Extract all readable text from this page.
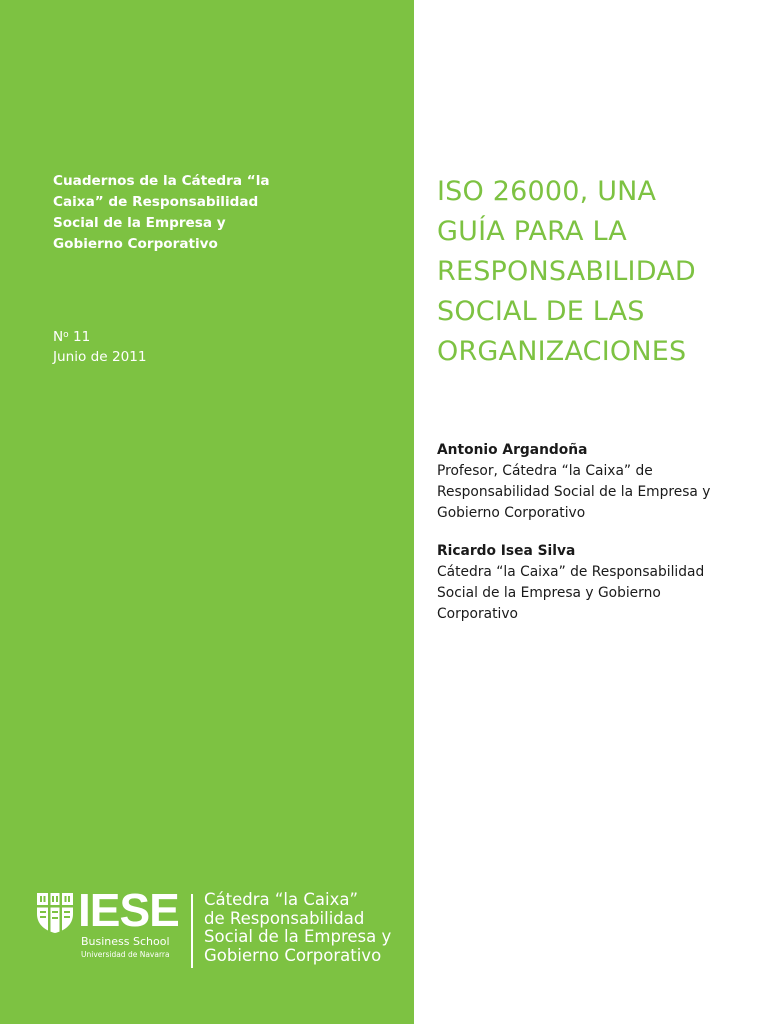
Cuadernos de la Cátedra “la
Caixa” de Responsabilidad
Social de la Empresa y
Gobierno Corporativo
$N^o$ 11
Junio de 2011
IESE
Business School
Universidad de Navarra
Cátedra “la Caixa”
de Responsabilidad
Social de la Empresa y
Gobierno Corporativo
ISO 26000, UNA
GUÍA PARA LA
RESPONSABILIDAD
SOCIAL DE LAS
ORGANIZACIONES
Antonio Argandoña
Profesor, Cátedra “la Caixa” de
Responsabilidad Social de la Empresa y
Gobierno Corporativo
Ricardo Isea Silva
Cátedra “la Caixa” de Responsabilidad
Social de la Empresa y Gobierno
Corporativo
